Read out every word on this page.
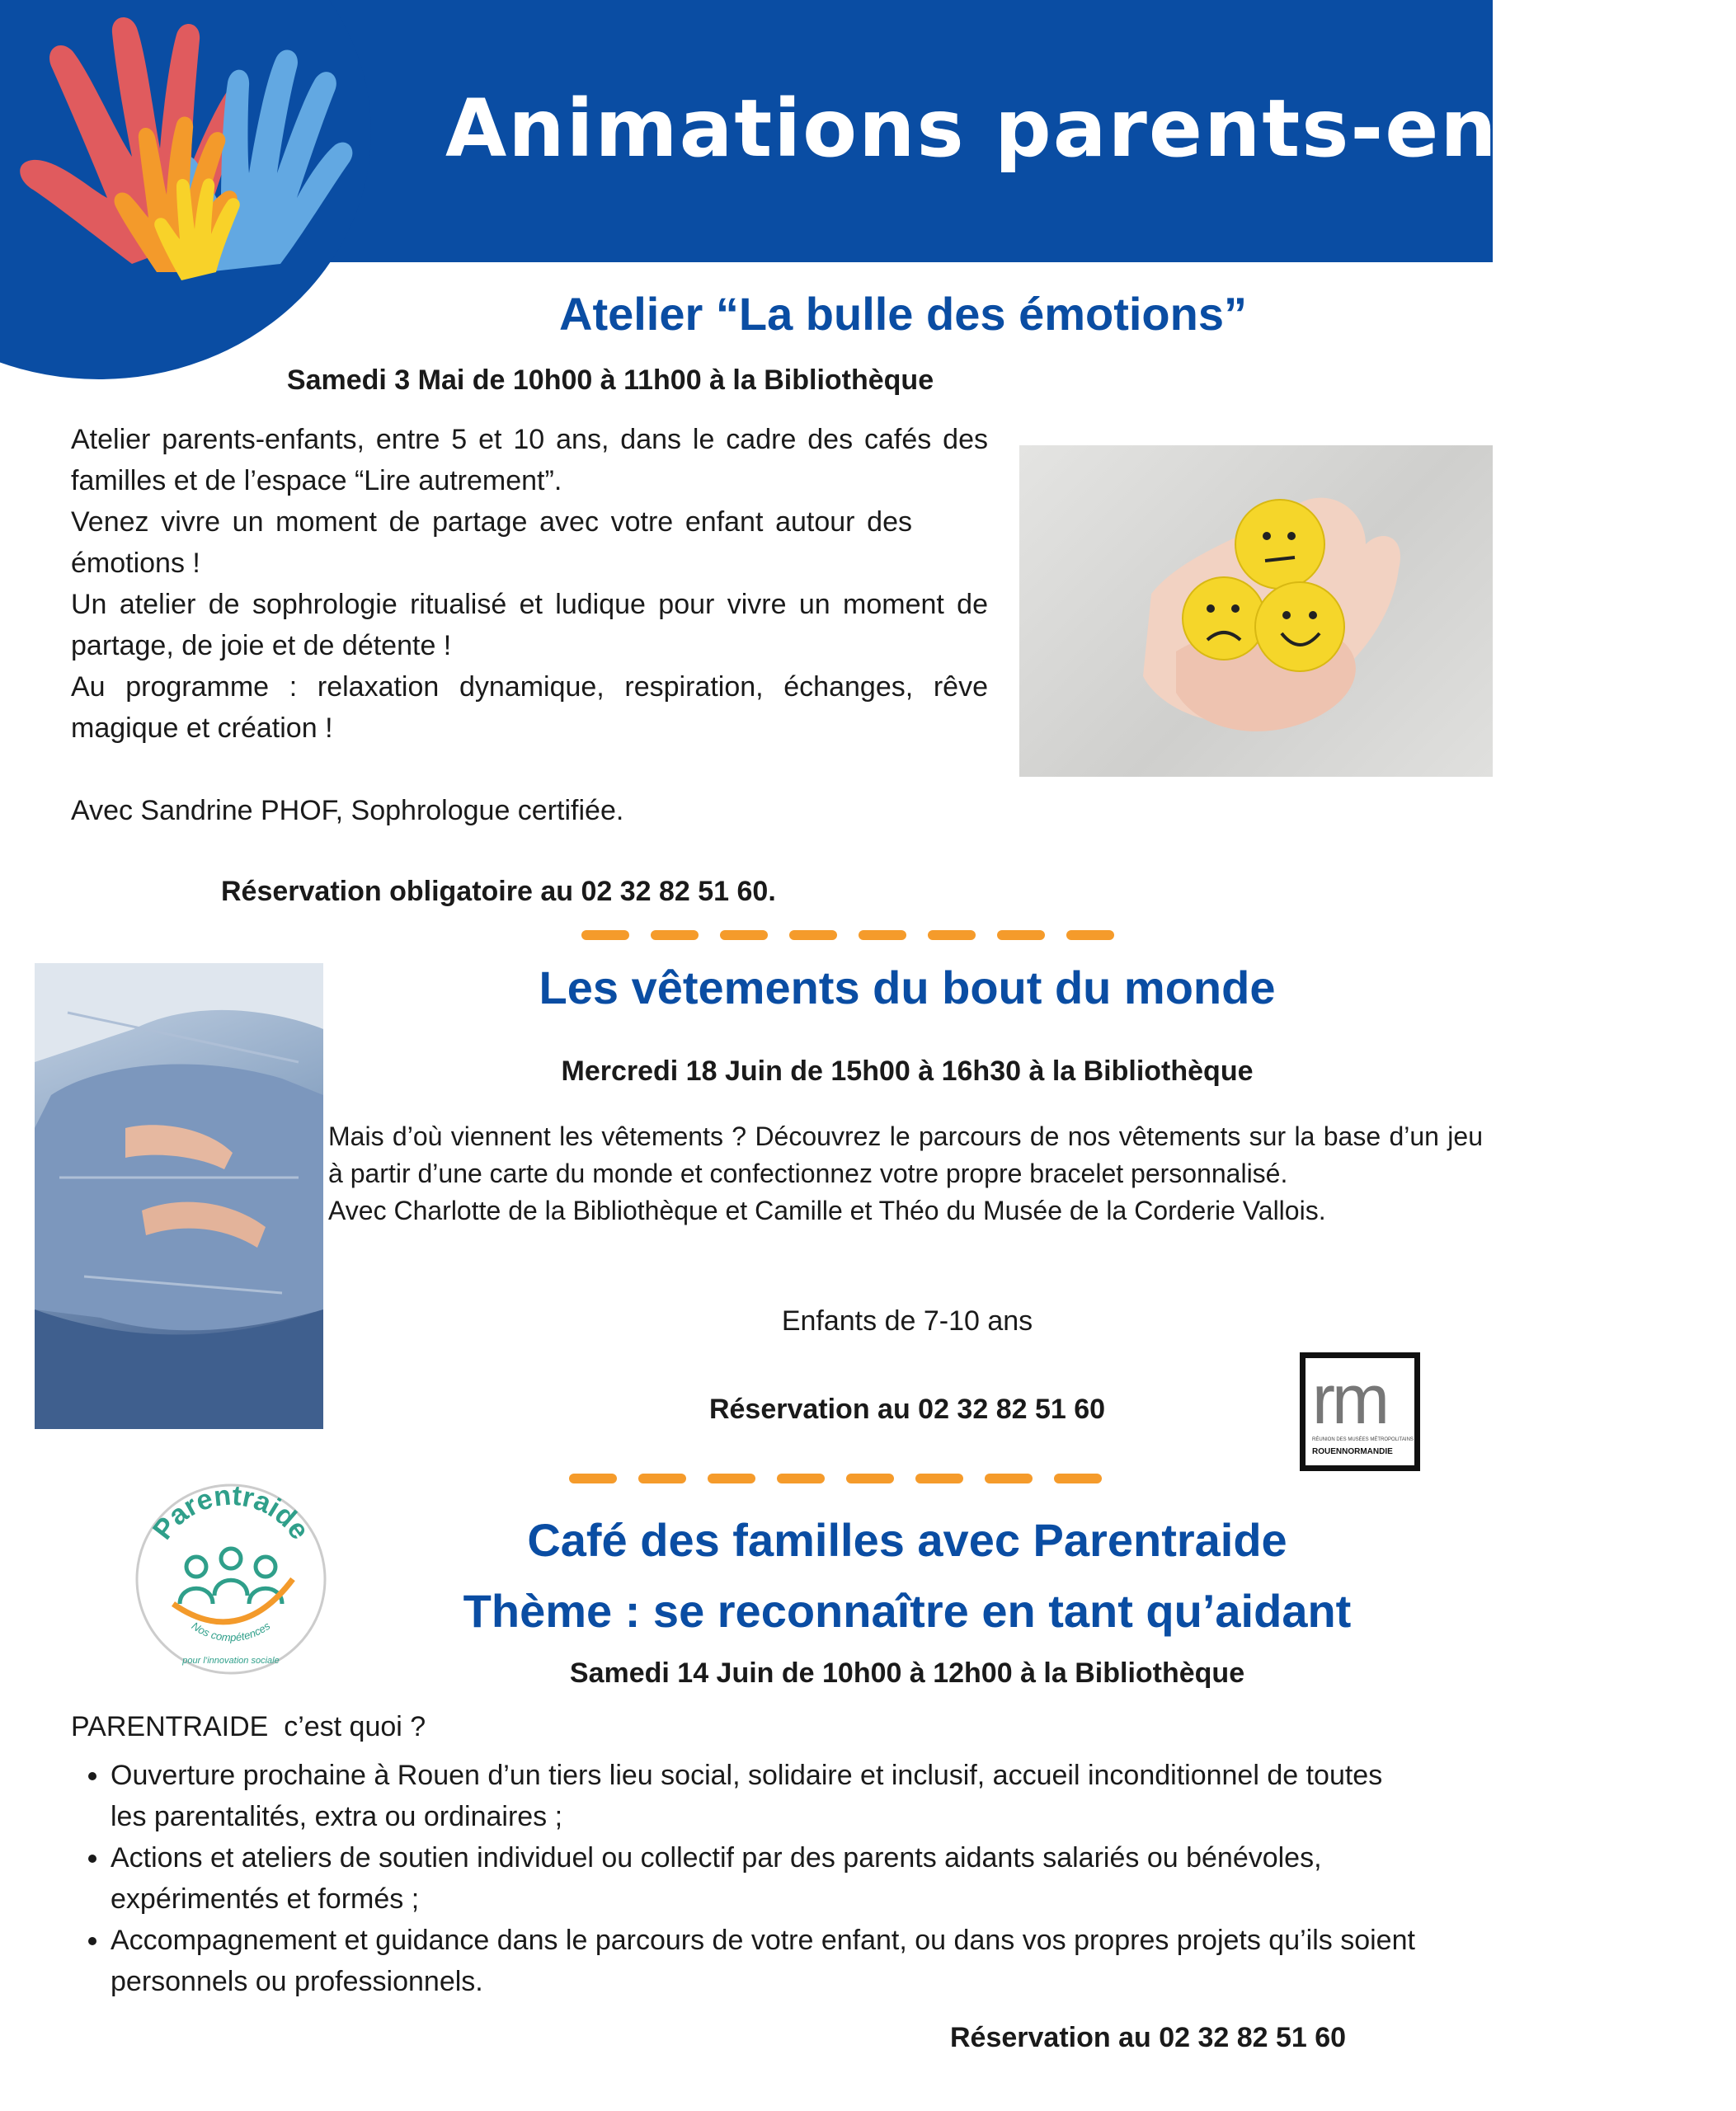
Animations parents-enfants
Atelier “La bulle des émotions”
Samedi 3 Mai de 10h00 à 11h00 à la Bibliothèque

Atelier parents-enfants, entre 5 et 10 ans, dans le cadre des cafés des familles et de l’espace “Lire autrement”.

Venez vivre un moment de partage avec votre enfant autour des émotions !

Un atelier de sophrologie ritualisé et ludique pour vivre un moment de partage, de joie et de détente !

Au programme : relaxation dynamique, respiration, échanges, rêve magique et création !

Avec Sandrine PHOF, Sophrologue certifiée.

Réservation obligatoire au 02 32 82 51 60.
Les vêtements du bout du monde
Mercredi 18 Juin de 15h00 à 16h30 à la Bibliothèque

Mais d’où viennent les vêtements ? Découvrez le parcours de nos vêtements sur la base d’un jeu à partir d’une carte du monde et confectionnez votre propre bracelet personnalisé.

Avec Charlotte de la Bibliothèque et Camille et Théo du Musée de la Corderie Vallois.

Enfants de 7-10 ans
Réservation au 02 32 82 51 60	rm
RÉUNION DES MUSÉES MÉTROPOLITAINS
ROUENNORMANDIE
Parentraide
Nos compétences
pour l’innovation sociale
Café des familles avec Parentraide
Thème : se reconnaître en tant qu’aidant
Samedi 14 Juin de 10h00 à 12h00 à la Bibliothèque
PARENTRAIDE  c’est quoi ?
• Ouverture prochaine à Rouen d’un tiers lieu social, solidaire et inclusif, accueil inconditionnel de toutes les parentalités, extra ou ordinaires ;
• Actions et ateliers de soutien individuel ou collectif par des parents aidants salariés ou bénévoles, expérimentés et formés ;
• Accompagnement et guidance dans le parcours de votre enfant, ou dans vos propres projets qu’ils soient personnels ou professionnels.
Réservation au 02 32 82 51 60
